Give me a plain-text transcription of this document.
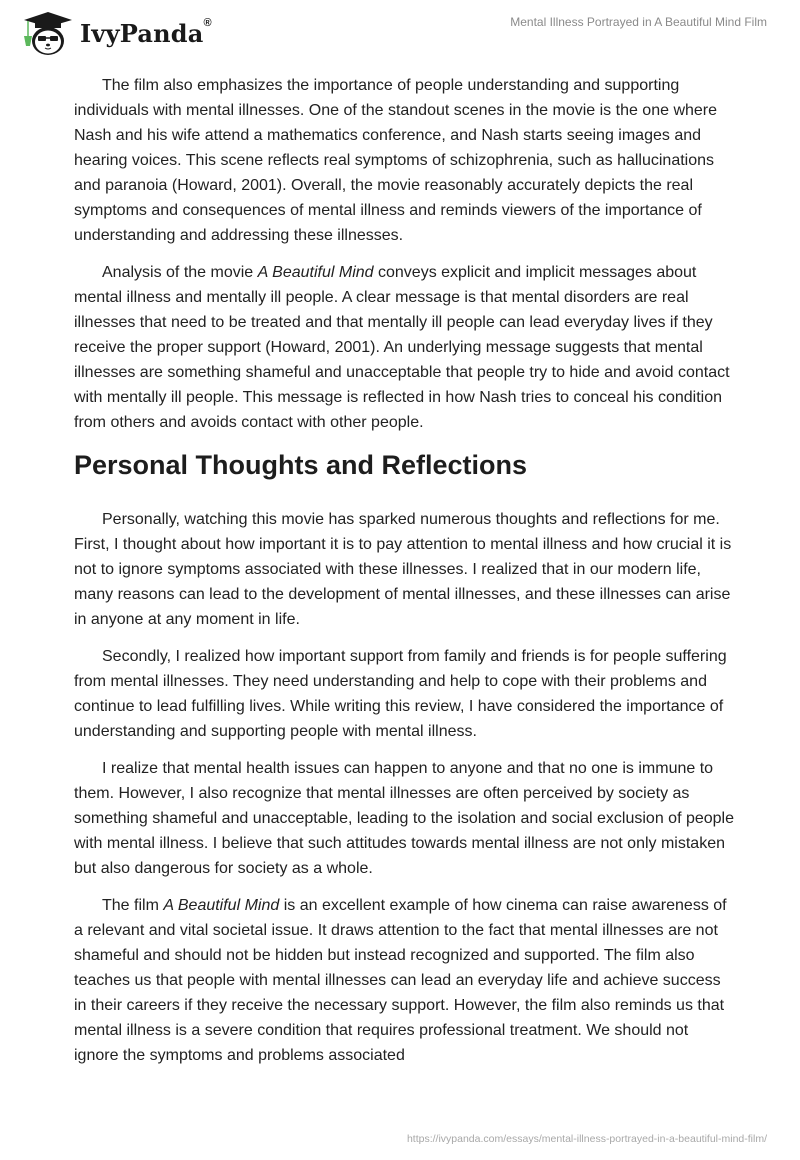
IvyPanda®	Mental Illness Portrayed in A Beautiful Mind Film

The film also emphasizes the importance of people understanding and supporting individuals with mental illnesses. One of the standout scenes in the movie is the one where Nash and his wife attend a mathematics conference, and Nash starts seeing images and hearing voices. This scene reflects real symptoms of schizophrenia, such as hallucinations and paranoia (Howard, 2001). Overall, the movie reasonably accurately depicts the real symptoms and consequences of mental illness and reminds viewers of the importance of understanding and addressing these illnesses.

Analysis of the movie A Beautiful Mind conveys explicit and implicit messages about mental illness and mentally ill people. A clear message is that mental disorders are real illnesses that need to be treated and that mentally ill people can lead everyday lives if they receive the proper support (Howard, 2001). An underlying message suggests that mental illnesses are something shameful and unacceptable that people try to hide and avoid contact with mentally ill people. This message is reflected in how Nash tries to conceal his condition from others and avoids contact with other people.

Personal Thoughts and Reflections

Personally, watching this movie has sparked numerous thoughts and reflections for me. First, I thought about how important it is to pay attention to mental illness and how crucial it is not to ignore symptoms associated with these illnesses. I realized that in our modern life, many reasons can lead to the development of mental illnesses, and these illnesses can arise in anyone at any moment in life.

Secondly, I realized how important support from family and friends is for people suffering from mental illnesses. They need understanding and help to cope with their problems and continue to lead fulfilling lives. While writing this review, I have considered the importance of understanding and supporting people with mental illness.

I realize that mental health issues can happen to anyone and that no one is immune to them. However, I also recognize that mental illnesses are often perceived by society as something shameful and unacceptable, leading to the isolation and social exclusion of people with mental illness. I believe that such attitudes towards mental illness are not only mistaken but also dangerous for society as a whole.

The film A Beautiful Mind is an excellent example of how cinema can raise awareness of a relevant and vital societal issue. It draws attention to the fact that mental illnesses are not shameful and should not be hidden but instead recognized and supported. The film also teaches us that people with mental illnesses can lead an everyday life and achieve success in their careers if they receive the necessary support. However, the film also reminds us that mental illness is a severe condition that requires professional treatment. We should not ignore the symptoms and problems associated

https://ivypanda.com/essays/mental-illness-portrayed-in-a-beautiful-mind-film/
